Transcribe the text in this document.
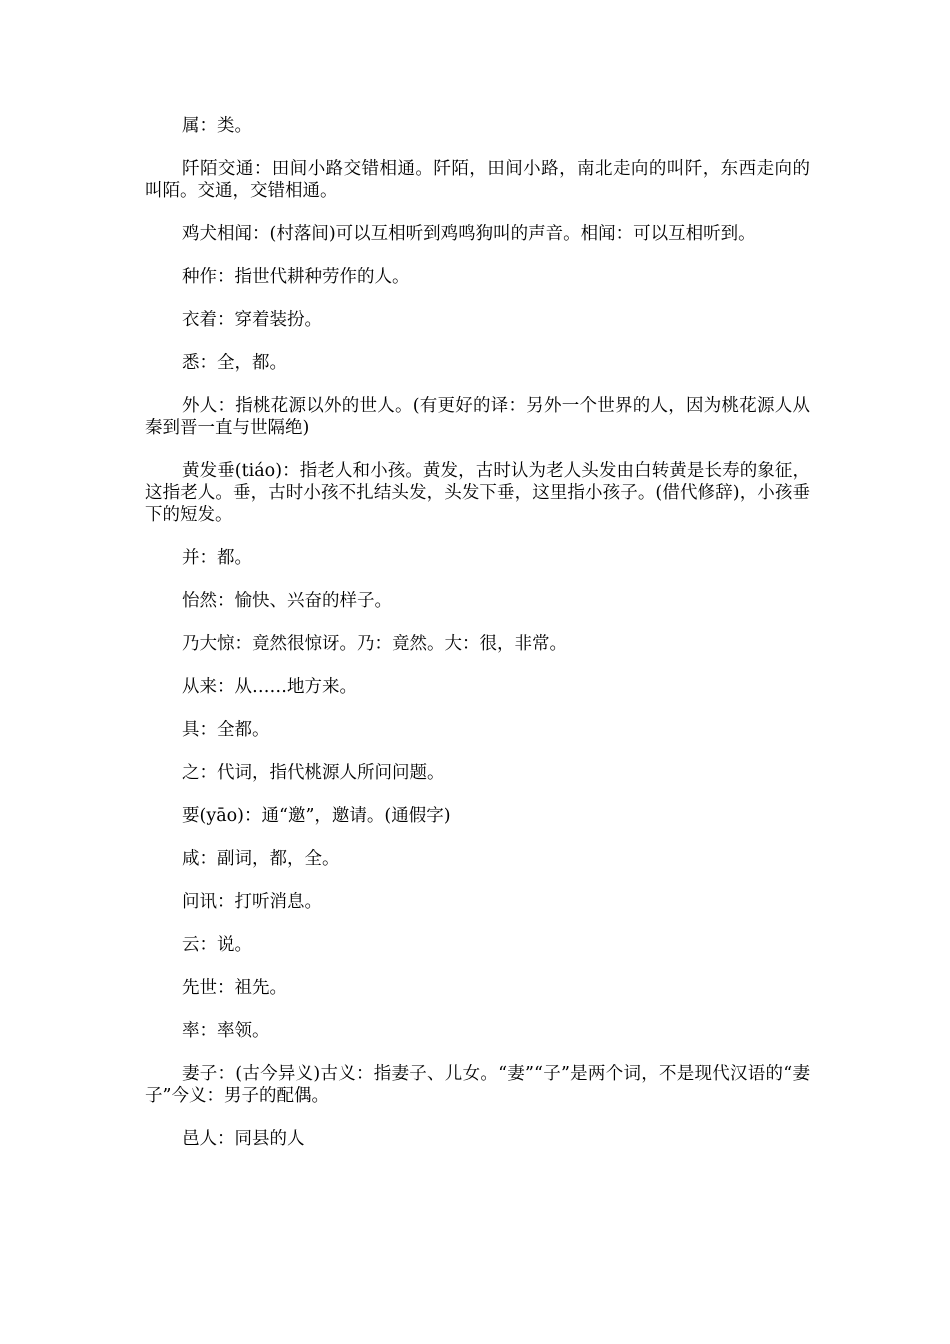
属：类。

阡陌交通：田间小路交错相通。阡陌，田间小路，南北走向的叫阡，东西走向的叫陌。交通，交错相通。

鸡犬相闻：(村落间)可以互相听到鸡鸣狗叫的声音。相闻：可以互相听到。

种作：指世代耕种劳作的人。

衣着：穿着装扮。

悉：全，都。

外人：指桃花源以外的世人。(有更好的译：另外一个世界的人，因为桃花源人从秦到晋一直与世隔绝)

黄发垂(tiáo)：指老人和小孩。黄发，古时认为老人头发由白转黄是长寿的象征，这指老人。垂，古时小孩不扎结头发，头发下垂，这里指小孩子。(借代修辞)，小孩垂下的短发。

并：都。

怡然：愉快、兴奋的样子。

乃大惊：竟然很惊讶。乃：竟然。大：很，非常。

从来：从……地方来。

具：全都。

之：代词，指代桃源人所问问题。

要(yāo)：通“邀”，邀请。(通假字)

咸：副词，都，全。

问讯：打听消息。

云：说。

先世：祖先。

率：率领。

妻子：(古今异义)古义：指妻子、儿女。“妻”“子”是两个词，不是现代汉语的“妻子”今义：男子的配偶。

邑人：同县的人
